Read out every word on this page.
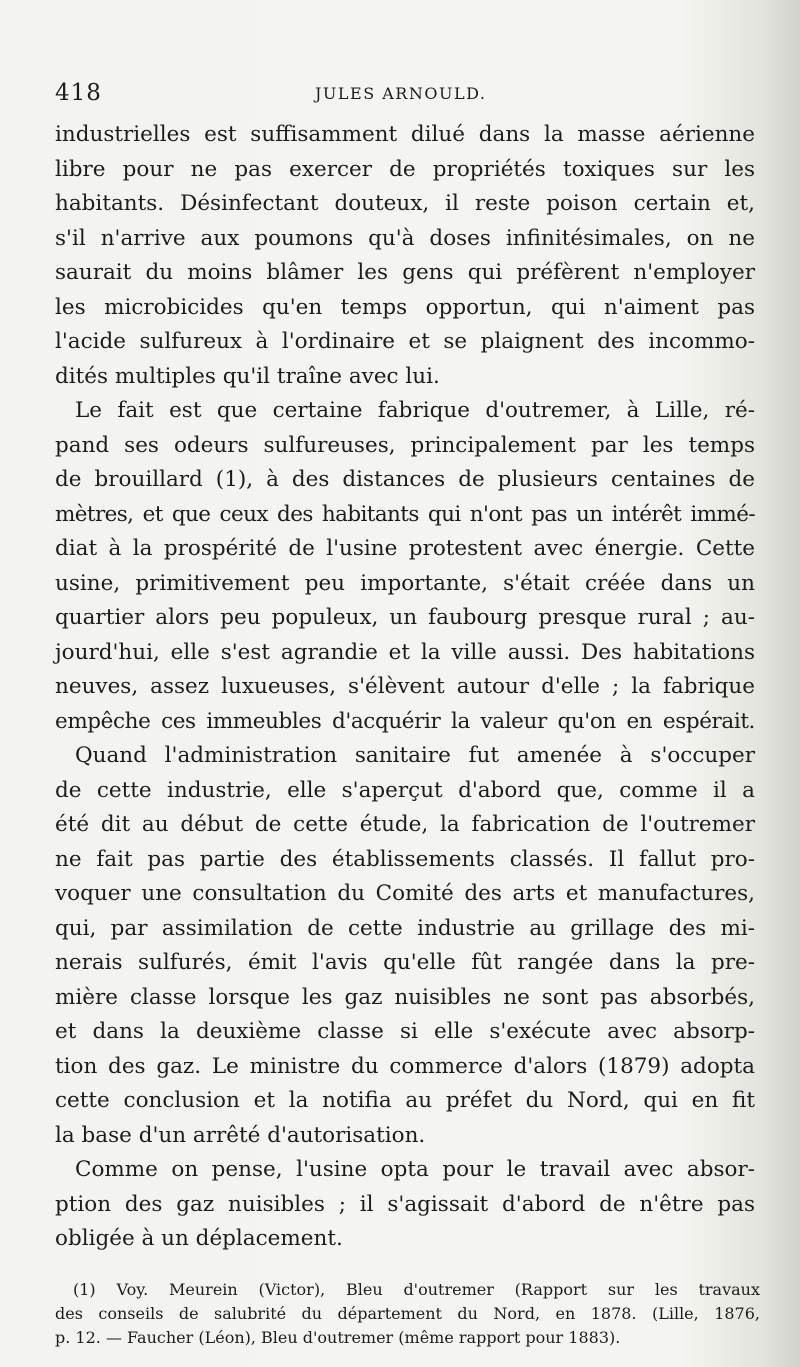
418	JULES ARNOULD.
industrielles est suffisamment dilué dans la masse aérienne
libre pour ne pas exercer de propriétés toxiques sur les
habitants. Désinfectant douteux, il reste poison certain et,
s'il n'arrive aux poumons qu'à doses infinitésimales, on ne
saurait du moins blâmer les gens qui préfèrent n'employer
les microbicides qu'en temps opportun, qui n'aiment pas
l'acide sulfureux à l'ordinaire et se plaignent des incommo-
dités multiples qu'il traîne avec lui.
Le fait est que certaine fabrique d'outremer, à Lille, ré-
pand ses odeurs sulfureuses, principalement par les temps
de brouillard (1), à des distances de plusieurs centaines de
mètres, et que ceux des habitants qui n'ont pas un intérêt immé-
diat à la prospérité de l'usine protestent avec énergie. Cette
usine, primitivement peu importante, s'était créée dans un
quartier alors peu populeux, un faubourg presque rural ; au-
jourd'hui, elle s'est agrandie et la ville aussi. Des habitations
neuves, assez luxueuses, s'élèvent autour d'elle ; la fabrique
empêche ces immeubles d'acquérir la valeur qu'on en espérait.
Quand l'administration sanitaire fut amenée à s'occuper
de cette industrie, elle s'aperçut d'abord que, comme il a
été dit au début de cette étude, la fabrication de l'outremer
ne fait pas partie des établissements classés. Il fallut pro-
voquer une consultation du Comité des arts et manufactures,
qui, par assimilation de cette industrie au grillage des mi-
nerais sulfurés, émit l'avis qu'elle fût rangée dans la pre-
mière classe lorsque les gaz nuisibles ne sont pas absorbés,
et dans la deuxième classe si elle s'exécute avec absorp-
tion des gaz. Le ministre du commerce d'alors (1879) adopta
cette conclusion et la notifia au préfet du Nord, qui en fit
la base d'un arrêté d'autorisation.
Comme on pense, l'usine opta pour le travail avec absor-
ption des gaz nuisibles ; il s'agissait d'abord de n'être pas
obligée à un déplacement.
(1) Voy. Meurein (Victor), Bleu d'outremer (Rapport sur les travaux
des conseils de salubrité du département du Nord, en 1878. (Lille, 1876,
p. 12. — Faucher (Léon), Bleu d'outremer (même rapport pour 1883).
